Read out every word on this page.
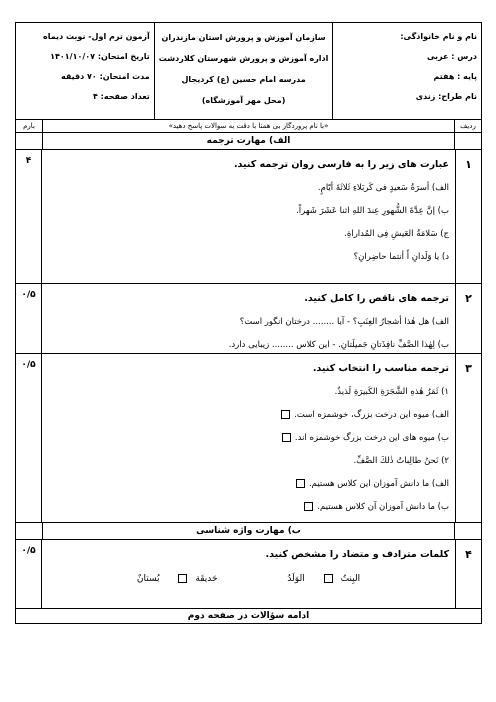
نام و نام خانوادگی:
درس : عربی
پایه : هفتم
نام طراح: زندی
سازمان آموزش و پرورش استان مازندران
اداره آموزش و پرورش شهرستان کلاردشت
مدرسه امام حسین (ع) کردیجال
(محل مهر آموزشگاه)
آزمون ترم اول- نوبت دیماه
تاریخ امتحان: ۱۴۰۱/۱۰/۰۷
مدت امتحان: ۷۰ دقیقه
تعداد صفحه: ۴
ردیف
«با نام پروردگار بی همتا با دقت به سوالات پاسخ دهید»
بارم
الف) مهارت ترجمه
۱
عبارت های زیر را به فارسی روان ترجمه کنید.
الف) أسرَةُ سَعيدٍ فی کَربَلاءِ ثَلاثَةَ أيّامٍ.
ب) إنَّ عِدَّةَ الشُّهورِ عِندَ اللهِ اثنا عَشَرَ شَهراً.
ج) سَلامَةُ العَيشِ فِی المُداراةِ.
د) يا وَلَدانِ أَ أنتما حاضِرانِ؟
۴
۲
ترجمه های ناقص را کامل کنید.
الف) هل هٰذا أشجارُ العِنَبِ؟ - آیا ........ درختان انگور است؟
ب) لِهٰذا الصَّفِّ نافِذَتانِ جَميلَتانِ. - این کلاس ........ زیبایی دارد.
۰/۵
۳
ترجمه مناسب را انتخاب کنید.
۱) ثَمَرُ هٰذهِ الشَّجَرَةِ الكَبيرَةِ لَذيذٌ.
الف) میوه این درخت بزرگ، خوشمزه است.
ب) میوه های این درخت بزرگ خوشمزه اند.
۲) نَحنُ طالِباتُ ذٰلكَ الصَّفِّ.
الف) ما دانش آموزان این کلاس هستیم.
ب) ما دانش آموزان آن کلاس هستیم.
۰/۵
ب) مهارت واژه شناسی
۴
کلمات مترادف و متضاد را مشخص کنید.
البِنتُ الوَلَدُ  حَديقَة بُستانٌ
۰/۵
ادامه سؤالات در صفحه دوم
